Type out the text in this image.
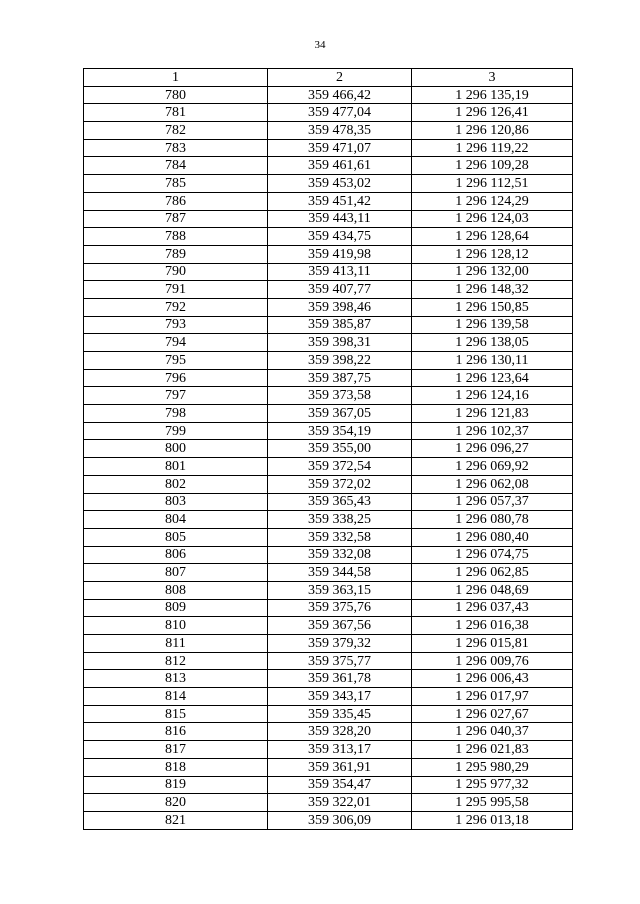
34
1	2	3
780	359 466,42	1 296 135,19
781	359 477,04	1 296 126,41
782	359 478,35	1 296 120,86
783	359 471,07	1 296 119,22
784	359 461,61	1 296 109,28
785	359 453,02	1 296 112,51
786	359 451,42	1 296 124,29
787	359 443,11	1 296 124,03
788	359 434,75	1 296 128,64
789	359 419,98	1 296 128,12
790	359 413,11	1 296 132,00
791	359 407,77	1 296 148,32
792	359 398,46	1 296 150,85
793	359 385,87	1 296 139,58
794	359 398,31	1 296 138,05
795	359 398,22	1 296 130,11
796	359 387,75	1 296 123,64
797	359 373,58	1 296 124,16
798	359 367,05	1 296 121,83
799	359 354,19	1 296 102,37
800	359 355,00	1 296 096,27
801	359 372,54	1 296 069,92
802	359 372,02	1 296 062,08
803	359 365,43	1 296 057,37
804	359 338,25	1 296 080,78
805	359 332,58	1 296 080,40
806	359 332,08	1 296 074,75
807	359 344,58	1 296 062,85
808	359 363,15	1 296 048,69
809	359 375,76	1 296 037,43
810	359 367,56	1 296 016,38
811	359 379,32	1 296 015,81
812	359 375,77	1 296 009,76
813	359 361,78	1 296 006,43
814	359 343,17	1 296 017,97
815	359 335,45	1 296 027,67
816	359 328,20	1 296 040,37
817	359 313,17	1 296 021,83
818	359 361,91	1 295 980,29
819	359 354,47	1 295 977,32
820	359 322,01	1 295 995,58
821	359 306,09	1 296 013,18
